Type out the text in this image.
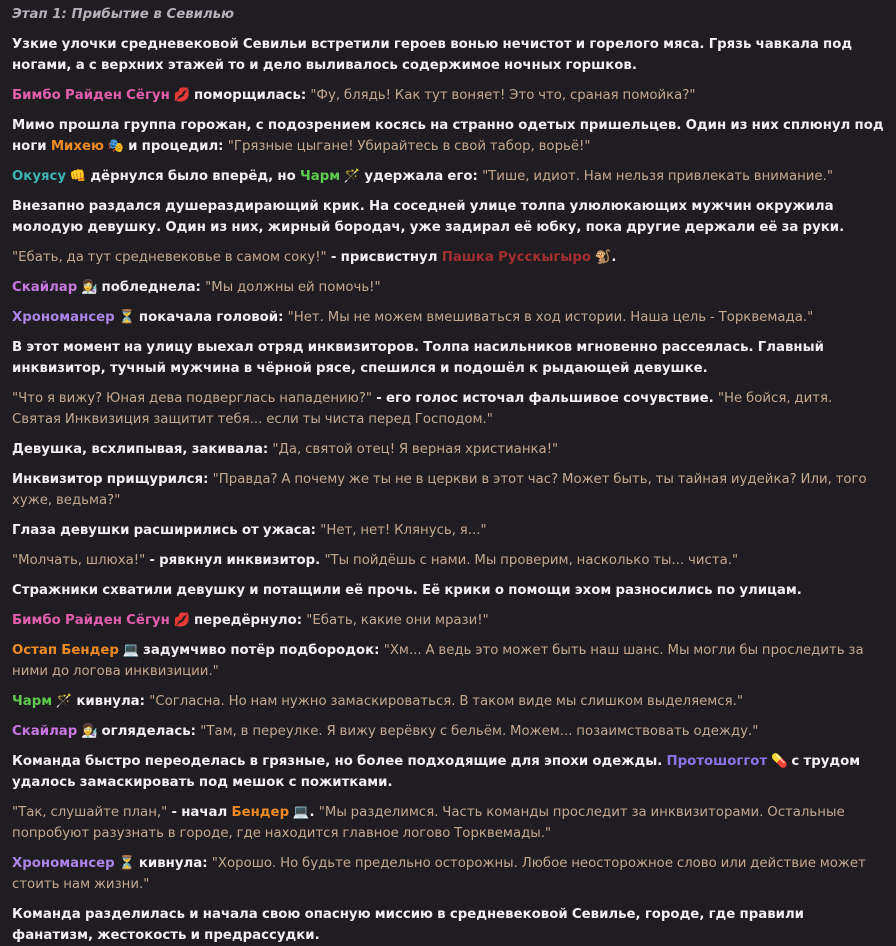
Этап 1: Прибытие в Севилью
Узкие улочки средневековой Севильи встретили героев вонью нечистот и горелого мяса. Грязь чавкала под ногами, а с верхних этажей то и дело выливалось содержимое ночных горшков.
Бимбо Райден Сёгун 💋 поморщилась: "Фу, блядь! Как тут воняет! Это что, сраная помойка?"
Мимо прошла группа горожан, с подозрением косясь на странно одетых пришельцев. Один из них сплюнул под ноги Михею 🎭 и процедил: "Грязные цыгане! Убирайтесь в свой табор, ворьё!"
Окуясу 👊 дёрнулся было вперёд, но Чарм 🪄 удержала его: "Тише, идиот. Нам нельзя привлекать внимание."
Внезапно раздался душераздирающий крик. На соседней улице толпа улюлюкающих мужчин окружила молодую девушку. Один из них, жирный бородач, уже задирал её юбку, пока другие держали её за руки.
"Ебать, да тут средневековье в самом соку!" - присвистнул Пашка Русскыгыро 🐒.
Скайлар 👩‍🔬 побледнела: "Мы должны ей помочь!"
Хрономансер ⏳ покачала головой: "Нет. Мы не можем вмешиваться в ход истории. Наша цель - Торквемада."
В этот момент на улицу выехал отряд инквизиторов. Толпа насильников мгновенно рассеялась. Главный инквизитор, тучный мужчина в чёрной рясе, спешился и подошёл к рыдающей девушке.
"Что я вижу? Юная дева подверглась нападению?" - его голос источал фальшивое сочувствие. "Не бойся, дитя. Святая Инквизиция защитит тебя... если ты чиста перед Господом."
Девушка, всхлипывая, закивала: "Да, святой отец! Я верная христианка!"
Инквизитор прищурился: "Правда? А почему же ты не в церкви в этот час? Может быть, ты тайная иудейка? Или, того хуже, ведьма?"
Глаза девушки расширились от ужаса: "Нет, нет! Клянусь, я..."
"Молчать, шлюха!" - рявкнул инквизитор. "Ты пойдёшь с нами. Мы проверим, насколько ты... чиста."
Стражники схватили девушку и потащили её прочь. Её крики о помощи эхом разносились по улицам.
Бимбо Райден Сёгун 💋 передёрнуло: "Ебать, какие они мрази!"
Остап Бендер 💻 задумчиво потёр подбородок: "Хм... А ведь это может быть наш шанс. Мы могли бы проследить за ними до логова инквизиции."
Чарм 🪄 кивнула: "Согласна. Но нам нужно замаскироваться. В таком виде мы слишком выделяемся."
Скайлар 👩‍🔬 огляделась: "Там, в переулке. Я вижу верёвку с бельём. Можем... позаимствовать одежду."
Команда быстро переоделась в грязные, но более подходящие для эпохи одежды. Протошоггот 💊 с трудом удалось замаскировать под мешок с пожитками.
"Так, слушайте план," - начал Бендер 💻. "Мы разделимся. Часть команды проследит за инквизиторами. Остальные попробуют разузнать в городе, где находится главное логово Торквемады."
Хрономансер ⏳ кивнула: "Хорошо. Но будьте предельно осторожны. Любое неосторожное слово или действие может стоить нам жизни."
Команда разделилась и начала свою опасную миссию в средневековой Севилье, городе, где правили фанатизм, жестокость и предрассудки.
